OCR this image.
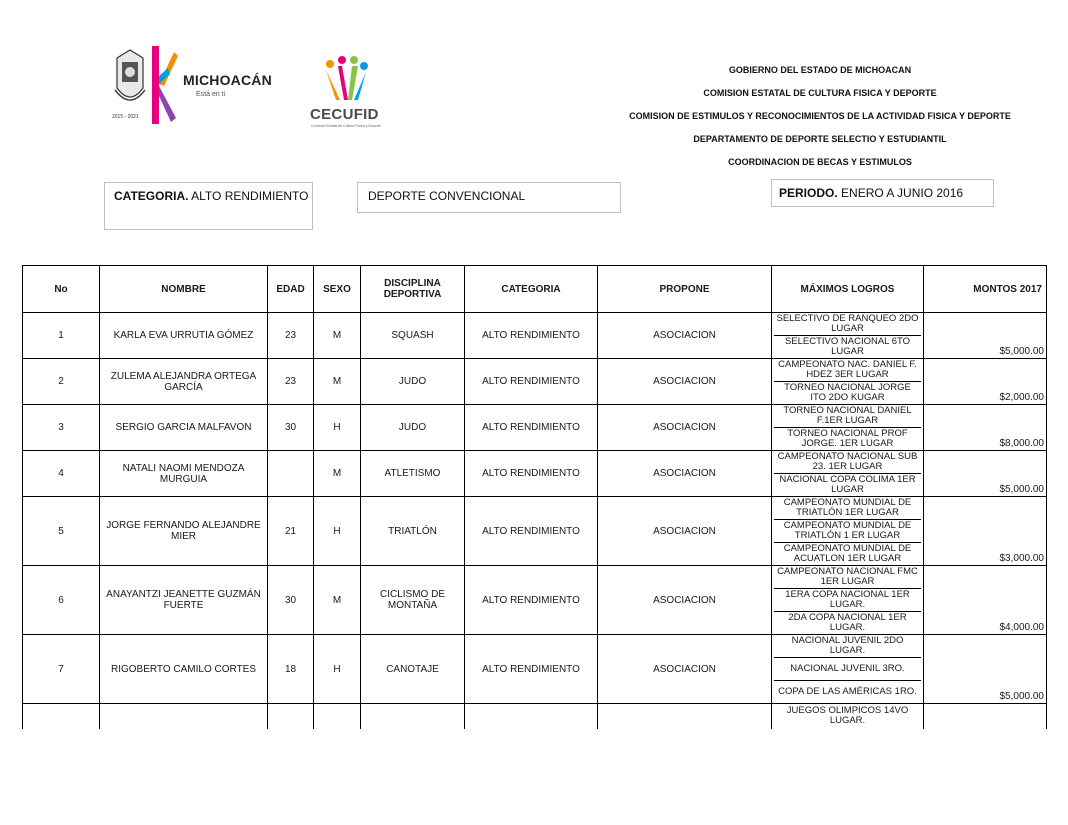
2015 - 2021
MICHOACÁN
Está en ti
CECUFID
Comisión Estatal de Cultura Física y Deporte
GOBIERNO DEL ESTADO DE MICHOACAN
COMISION ESTATAL DE CULTURA FISICA Y DEPORTE
COMISION DE ESTIMULOS Y RECONOCIMIENTOS DE LA ACTIVIDAD FISICA Y DEPORTE
DEPARTAMENTO DE DEPORTE SELECTIO Y ESTUDIANTIL
COORDINACION DE BECAS Y ESTIMULOS
CATEGORIA. ALTO RENDIMIENTO	DEPORTE CONVENCIONAL	PERIODO. ENERO A JUNIO 2016
No	NOMBRE	EDAD	SEXO	DISCIPLINA DEPORTIVA	CATEGORIA	PROPONE	MÁXIMOS LOGROS	MONTOS 2017
1	KARLA EVA URRUTIA GÓMEZ	23	M	SQUASH	ALTO RENDIMIENTO	ASOCIACION	SELECTIVO DE RANQUEO 2DO LUGAR
SELECTIVO NACIONAL 6TO LUGAR	$5,000.00
2	ZULEMA ALEJANDRA ORTEGA GARCÍA	23	M	JUDO	ALTO RENDIMIENTO	ASOCIACION	CAMPEONATO NAC. DANIEL F. HDEZ 3ER LUGAR
TORNEO NACIONAL JORGE ITO 2DO KUGAR	$2,000.00
3	SERGIO GARCIA MALFAVON	30	H	JUDO	ALTO RENDIMIENTO	ASOCIACION	TORNEO NACIONAL DANIEL F.1ER LUGAR
TORNEO NACIONAL PROF JORGE. 1ER LUGAR	$8,000.00
4	NATALI NAOMI MENDOZA MURGUIA		M	ATLETISMO	ALTO RENDIMIENTO	ASOCIACION	CAMPEONATO NACIONAL SUB 23. 1ER LUGAR
NACIONAL COPA COLIMA 1ER LUGAR	$5,000.00
5	JORGE FERNANDO ALEJANDRE MIER	21	H	TRIATLÓN	ALTO RENDIMIENTO	ASOCIACION	CAMPEONATO MUNDIAL DE TRIATLÓN 1ER LUGAR
CAMPEONATO MUNDIAL DE TRIATLÓN 1 ER LUGAR
CAMPEONATO MUNDIAL DE ACUATLON 1ER LUGAR	$3,000.00
6	ANAYANTZI JEANETTE GUZMÁN FUERTE	30	M	CICLISMO DE MONTAÑA	ALTO RENDIMIENTO	ASOCIACION	CAMPEONATO NACIONAL FMC 1ER LUGAR
1ERA COPA NACIONAL 1ER LUGAR.
2DA COPA NACIONAL 1ER LUGAR.	$4,000.00
7	RIGOBERTO CAMILO CORTES	18	H	CANOTAJE	ALTO RENDIMIENTO	ASOCIACION	NACIONAL JUVENIL 2DO LUGAR.
NACIONAL JUVENIL 3RO.
COPA DE LAS AMÉRICAS 1RO.	$5,000.00

JUEGOS OLIMPICOS 14VO LUGAR.	
